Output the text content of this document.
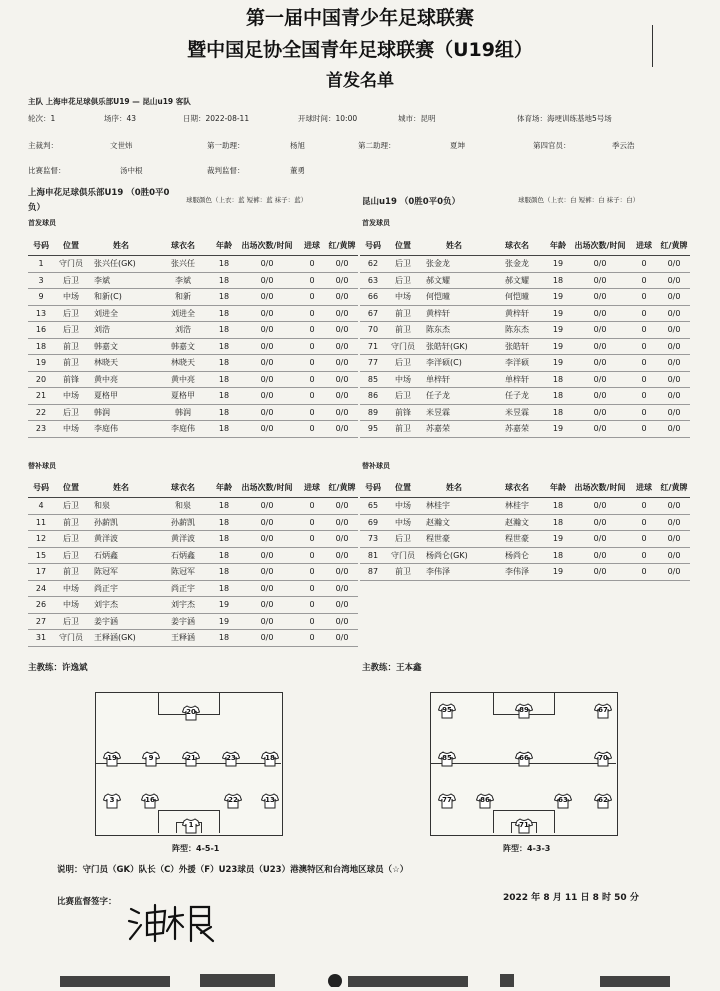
第一届中国青少年足球联赛
暨中国足协全国青年足球联赛（U19组）
首发名单
主队 上海申花足球俱乐部U19 — 昆山u19 客队
轮次：1	场序：43	日期：2022-08-11	开球时间：10:00	城市：昆明	体育场：海埂训练基地5号场
主裁判：	文世炜	第一助理：	杨旭	第二助理：	夏坤	第四官员：	季云浩
比赛监督：	汤中根	裁判监督：	董勇
上海申花足球俱乐部U19 （0胜0平0
负）
球服颜色（上衣：蓝 短裤：蓝 袜子：蓝）
首发球员
昆山u19 （0胜0平0负）	球服颜色（上衣：白 短裤：白 袜子：白）
首发球员
号码	位置	姓名	球衣名	年龄	出场次数/时间	进球	红/黄牌
1	守门员	张兴任(GK)	张兴任	18	0/0	0	0/0
3	后卫	李斌	李斌	18	0/0	0	0/0
9	中场	和新(C)	和新	18	0/0	0	0/0
13	后卫	刘进全	刘进全	18	0/0	0	0/0
16	后卫	刘浩	刘浩	18	0/0	0	0/0
18	前卫	韩嘉文	韩嘉文	18	0/0	0	0/0
19	前卫	林晓天	林晓天	18	0/0	0	0/0
20	前锋	黄中亮	黄中亮	18	0/0	0	0/0
21	中场	夏格甲	夏格甲	18	0/0	0	0/0
22	后卫	韩润	韩润	18	0/0	0	0/0
23	中场	李庭伟	李庭伟	18	0/0	0	0/0
号码	位置	姓名	球衣名	年龄	出场次数/时间	进球	红/黄牌
62	后卫	张金龙	张金龙	19	0/0	0	0/0
63	后卫	郝文耀	郝文耀	18	0/0	0	0/0
66	中场	何恺曈	何恺曈	19	0/0	0	0/0
67	前卫	黄梓轩	黄梓轩	19	0/0	0	0/0
70	前卫	陈东杰	陈东杰	19	0/0	0	0/0
71	守门员	张皓轩(GK)	张皓轩	19	0/0	0	0/0
77	后卫	李洋硕(C)	李洋硕	19	0/0	0	0/0
85	中场	单梓轩	单梓轩	18	0/0	0	0/0
86	后卫	任子龙	任子龙	18	0/0	0	0/0
89	前锋	米昱霖	米昱霖	18	0/0	0	0/0
95	前卫	苏嘉荣	苏嘉荣	19	0/0	0	0/0
替补球员	替补球员
号码	位置	姓名	球衣名	年龄	出场次数/时间	进球	红/黄牌
4	后卫	和泉	和泉	18	0/0	0	0/0
11	前卫	孙薪凯	孙薪凯	18	0/0	0	0/0
12	后卫	黄洋波	黄洋波	18	0/0	0	0/0
15	后卫	石炳鑫	石炳鑫	18	0/0	0	0/0
17	前卫	陈冠军	陈冠军	18	0/0	0	0/0
24	中场	尚正宇	尚正宇	18	0/0	0	0/0
26	中场	刘宇杰	刘宇杰	19	0/0	0	0/0
27	后卫	姜宇涵	姜宇涵	19	0/0	0	0/0
31	守门员	王释涵(GK)	王释涵	18	0/0	0	0/0
号码	位置	姓名	球衣名	年龄	出场次数/时间	进球	红/黄牌
65	中场	林桂宇	林桂宇	18	0/0	0	0/0
69	中场	赵瀚文	赵瀚文	18	0/0	0	0/0
73	后卫	程世豪	程世豪	19	0/0	0	0/0
81	守门员	杨尚仑(GK)	杨尚仑	18	0/0	0	0/0
87	前卫	李伟泽	李伟泽	19	0/0	0	0/0
主教练：许逸斌	主教练：王本鑫
20
19	9	21	23	18
3	16	22	13
1
阵型：4-5-1
95	89	67
85	66	70
77	86	63	62
71
阵型：4-3-3
说明：守门员（GK）队长（C）外援（F）U23球员（U23）港澳特区和台湾地区球员（☆）
比赛监督签字：	2022 年 8 月 11 日 8 时 50 分
